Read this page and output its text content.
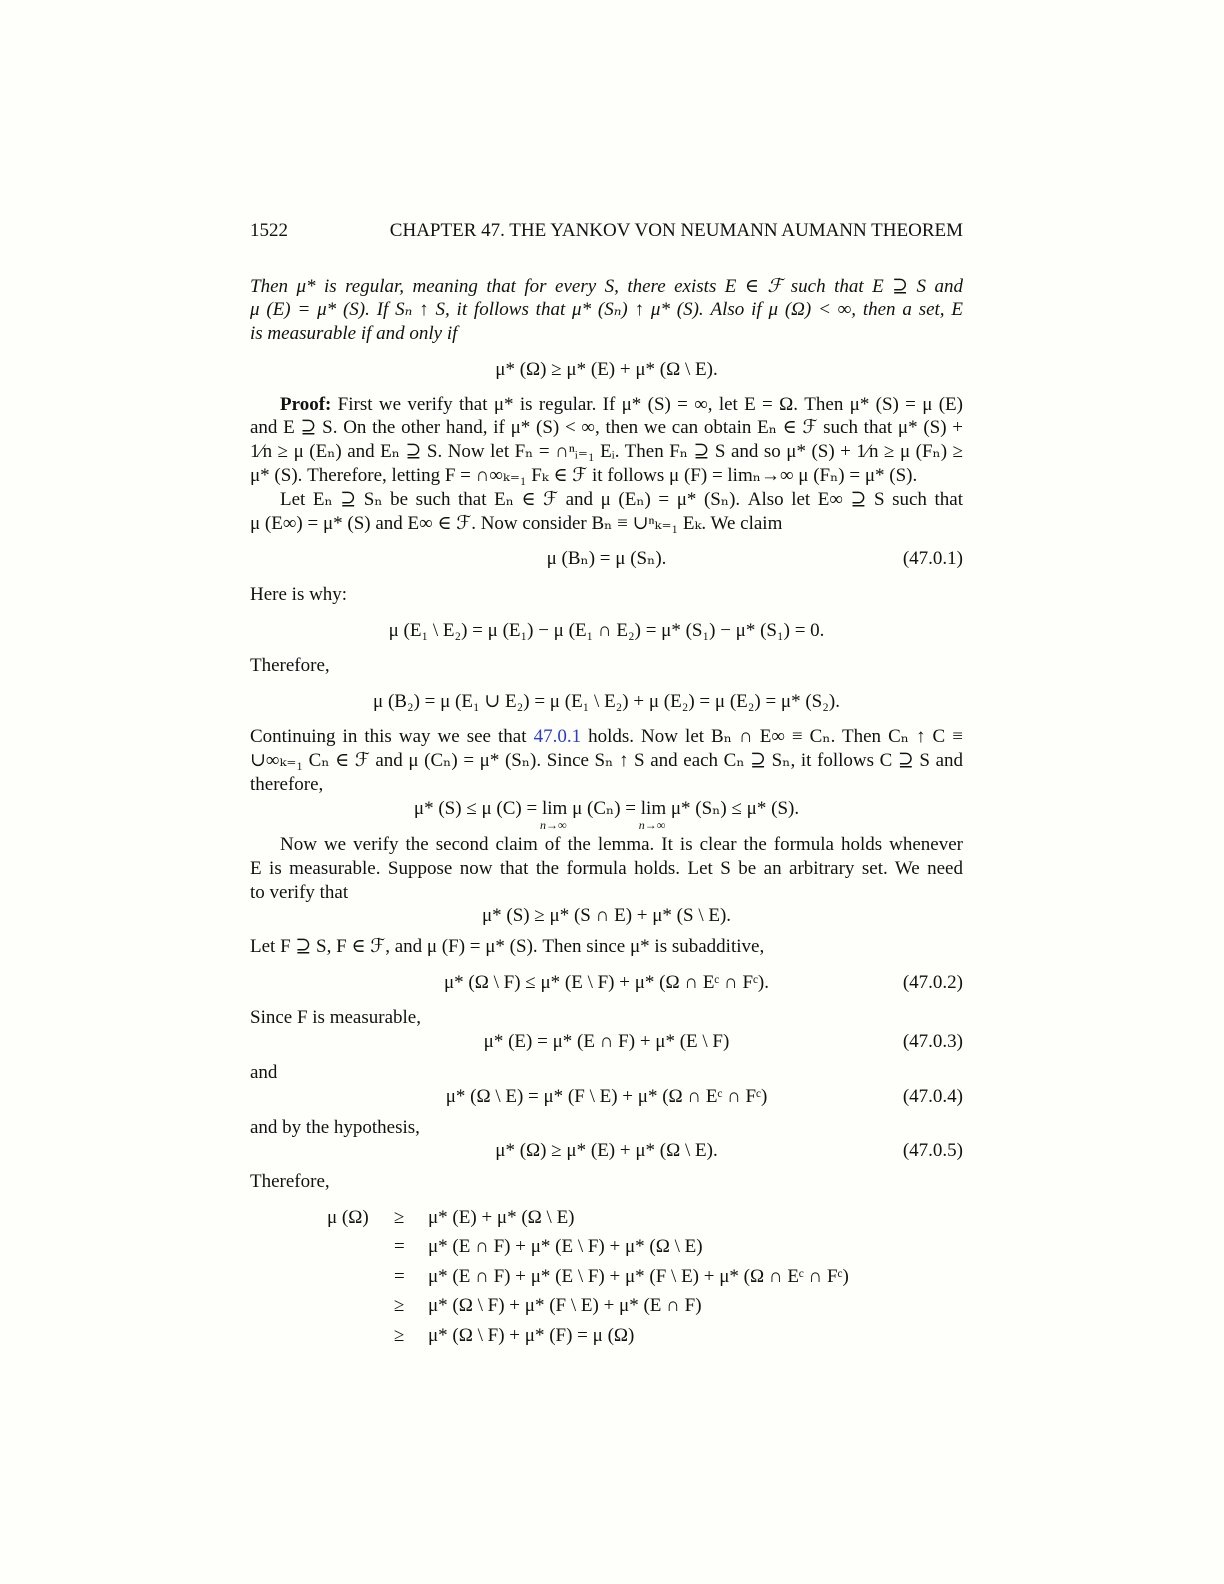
1522	CHAPTER 47. THE YANKOV VON NEUMANN AUMANN THEOREM
Then μ* is regular, meaning that for every S, there exists E ∈ ℱ such that E ⊇ S and
μ (E) = μ* (S). If Sₙ ↑ S, it follows that μ* (Sₙ) ↑ μ* (S). Also if μ (Ω) < ∞, then a set, E
is measurable if and only if
μ* (Ω) ≥ μ* (E) + μ* (Ω \ E).
Proof: First we verify that μ* is regular. If μ* (S) = ∞, let E = Ω. Then μ* (S) = μ (E)
and E ⊇ S. On the other hand, if μ* (S) < ∞, then we can obtain Eₙ ∈ ℱ such that μ* (S) +
1⁄n ≥ μ (Eₙ) and Eₙ ⊇ S. Now let Fₙ = ∩ⁿᵢ₌₁ Eᵢ. Then Fₙ ⊇ S and so μ* (S) + 1⁄n ≥ μ (Fₙ) ≥
μ* (S). Therefore, letting F = ∩∞ₖ₌₁ Fₖ ∈ ℱ it follows μ (F) = limₙ→∞ μ (Fₙ) = μ* (S).
Let Eₙ ⊇ Sₙ be such that Eₙ ∈ ℱ and μ (Eₙ) = μ* (Sₙ). Also let E∞ ⊇ S such that
μ (E∞) = μ* (S) and E∞ ∈ ℱ. Now consider Bₙ ≡ ∪ⁿₖ₌₁ Eₖ. We claim
μ (Bₙ) = μ (Sₙ).	(47.0.1)
Here is why:
μ (E₁ \ E₂) = μ (E₁) − μ (E₁ ∩ E₂) = μ* (S₁) − μ* (S₁) = 0.
Therefore,
μ (B₂) = μ (E₁ ∪ E₂) = μ (E₁ \ E₂) + μ (E₂) = μ (E₂) = μ* (S₂).
Continuing in this way we see that 47.0.1 holds. Now let Bₙ ∩ E∞ ≡ Cₙ. Then Cₙ ↑ C ≡
∪∞ₖ₌₁ Cₙ ∈ ℱ and μ (Cₙ) = μ* (Sₙ). Since Sₙ ↑ S and each Cₙ ⊇ Sₙ, it follows C ⊇ S and
therefore,
μ* (S) ≤ μ (C) = lim
n→∞
μ (Cₙ) = lim
n→∞
μ* (Sₙ) ≤ μ* (S).
Now we verify the second claim of the lemma. It is clear the formula holds whenever
E is measurable. Suppose now that the formula holds. Let S be an arbitrary set. We need
to verify that
μ* (S) ≥ μ* (S ∩ E) + μ* (S \ E).
Let F ⊇ S, F ∈ ℱ, and μ (F) = μ* (S). Then since μ* is subadditive,
μ* (Ω \ F) ≤ μ* (E \ F) + μ* (Ω ∩ Eᶜ ∩ Fᶜ).	(47.0.2)
Since F is measurable,
μ* (E) = μ* (E ∩ F) + μ* (E \ F)	(47.0.3)
and
μ* (Ω \ E) = μ* (F \ E) + μ* (Ω ∩ Eᶜ ∩ Fᶜ)	(47.0.4)
and by the hypothesis,
μ* (Ω) ≥ μ* (E) + μ* (Ω \ E).	(47.0.5)
Therefore,
μ (Ω) ≥ μ* (E) + μ* (Ω \ E)
= μ* (E ∩ F) + μ* (E \ F) + μ* (Ω \ E)
= μ* (E ∩ F) + μ* (E \ F) + μ* (F \ E) + μ* (Ω ∩ Eᶜ ∩ Fᶜ)
≥ μ* (Ω \ F) + μ* (F \ E) + μ* (E ∩ F)
≥ μ* (Ω \ F) + μ* (F) = μ (Ω)
